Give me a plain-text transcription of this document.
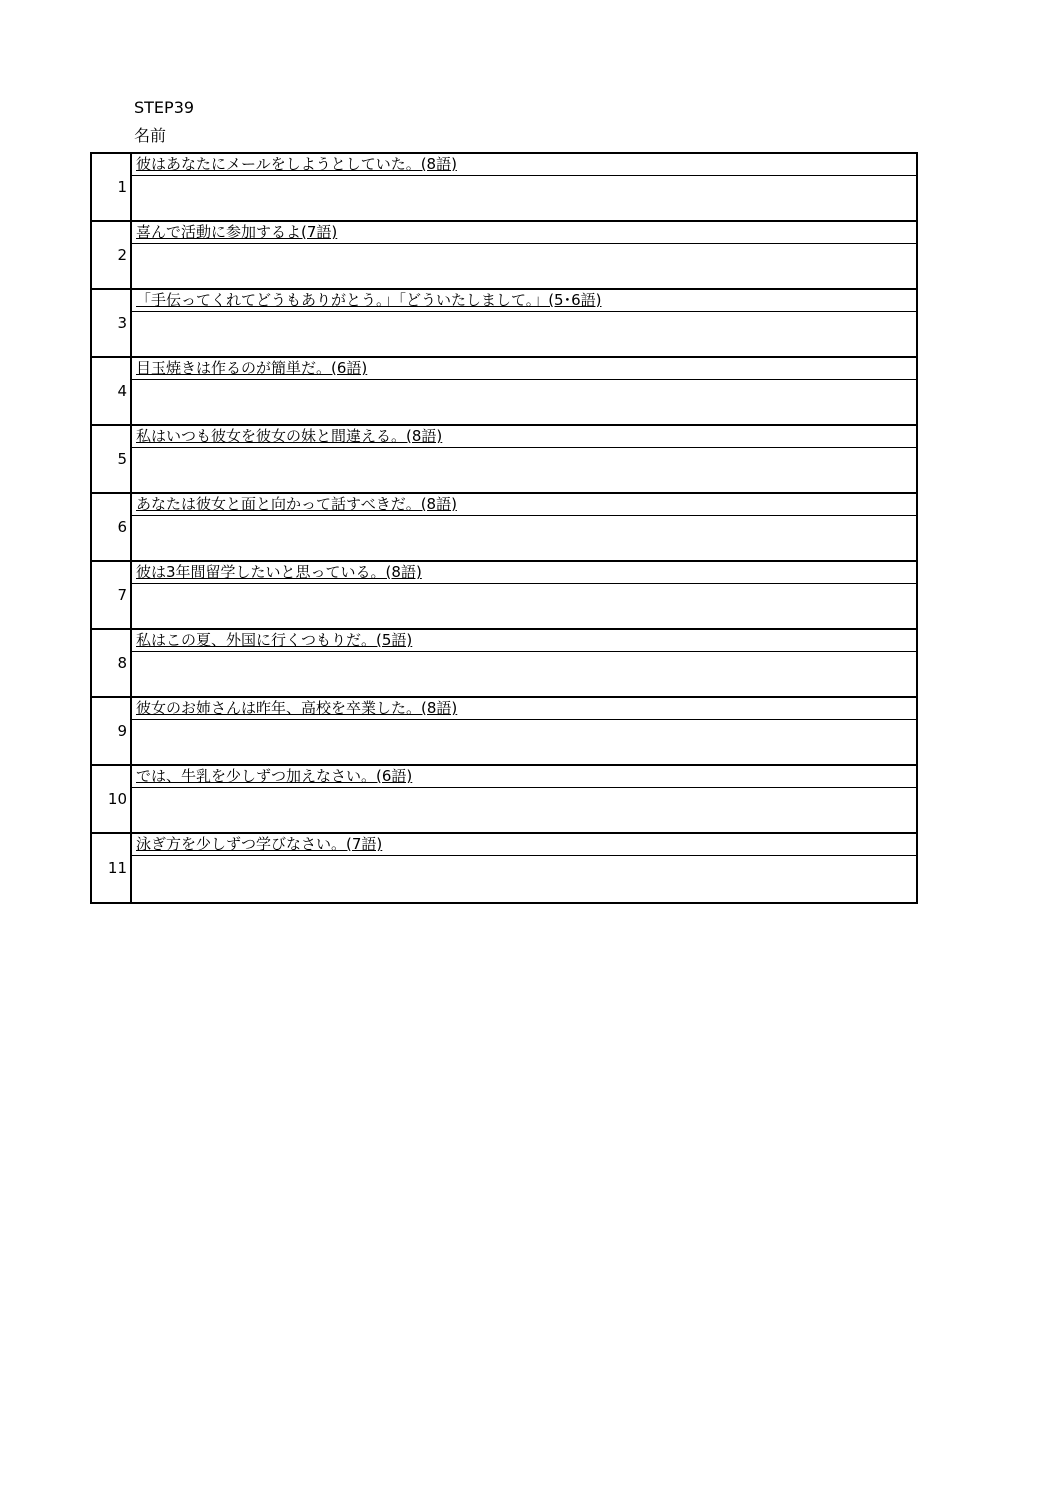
STEP39
名前
1
彼はあなたにメールをしようとしていた。(8語)
2
喜んで活動に参加するよ(7語)
3
「手伝ってくれてどうもありがとう。」「どういたしまして。」(5･6語)
4
目玉焼きは作るのが簡単だ。(6語)
5
私はいつも彼女を彼女の妹と間違える。(8語)
6
あなたは彼女と面と向かって話すべきだ。(8語)
7
彼は3年間留学したいと思っている。(8語)
8
私はこの夏、外国に行くつもりだ。(5語)
9
彼女のお姉さんは昨年、高校を卒業した。(8語)
10
では、牛乳を少しずつ加えなさい。(6語)
11
泳ぎ方を少しずつ学びなさい。(7語)
